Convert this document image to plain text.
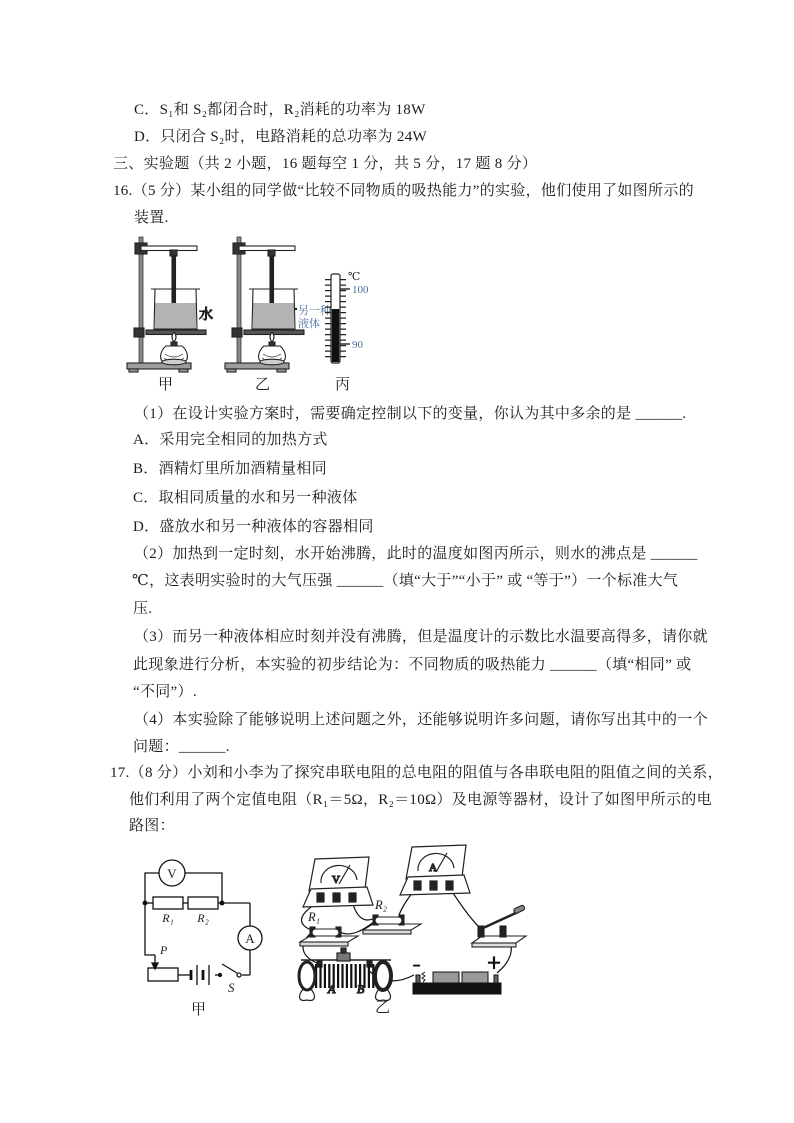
C．S₁和 S₂都闭合时，R₂消耗的功率为 18W
D．只闭合 S₂时，电路消耗的总功率为 24W
三、实验题（共 2 小题，16 题每空 1 分，共 5 分，17 题 8 分）
16.（5 分）某小组的同学做“比较不同物质的吸热能力”的实验，他们使用了如图所示的
装置.
水	另一种
液体
℃
100
90
甲	乙	丙
（1）在设计实验方案时，需要确定控制以下的变量，你认为其中多余的是 ______.
A．采用完全相同的加热方式
B．酒精灯里所加酒精量相同
C．取相同质量的水和另一种液体
D．盛放水和另一种液体的容器相同
（2）加热到一定时刻，水开始沸腾，此时的温度如图丙所示，则水的沸点是 ______
℃，这表明实验时的大气压强 ______（填“大于”“小于” 或 “等于”）一个标准大气
压.
（3）而另一种液体相应时刻并没有沸腾，但是温度计的示数比水温要高得多，请你就
此现象进行分析，本实验的初步结论为：不同物质的吸热能力 ______（填“相同” 或
“不同”）.
（4）本实验除了能够说明上述问题之外，还能够说明许多问题，请你写出其中的一个
问题：______.
17.（8 分）小刘和小李为了探究串联电阻的总电阻的阻值与各串联电阻的阻值之间的关系，
他们利用了两个定值电阻（R₁＝5Ω，R₂＝10Ω）及电源等器材，设计了如图甲所示的电
路图：
V
A
R₁ R₂
P
S
甲
V
A
R₁
R₂
A B
−	＋
乙
